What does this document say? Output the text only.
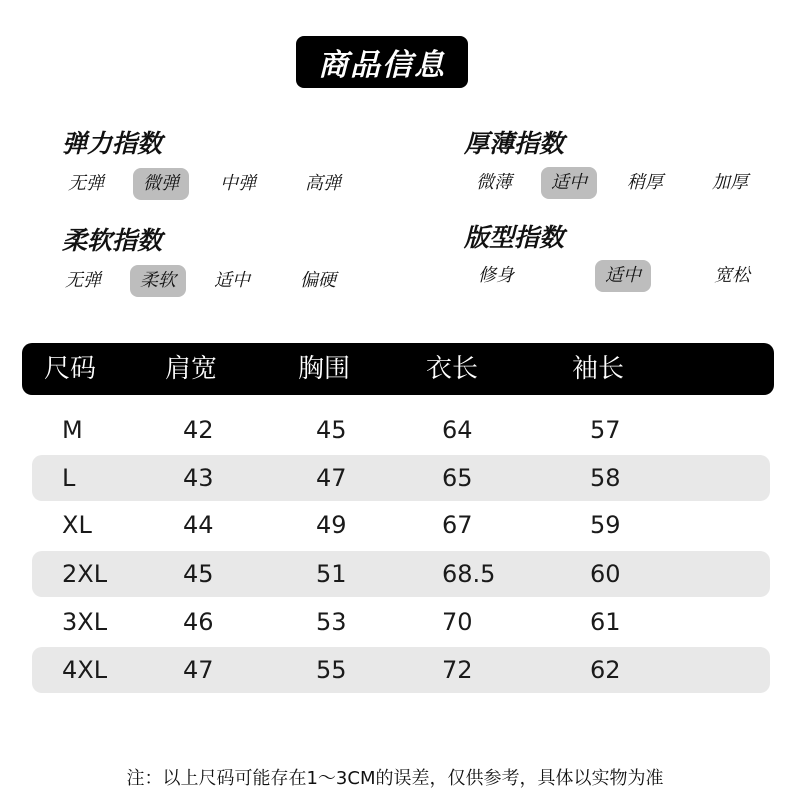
商品信息
弹力指数
无弹	微弹	中弹	高弹
厚薄指数
微薄	适中	稍厚	加厚
柔软指数
无弹	柔软	适中	偏硬
版型指数
修身	适中	宽松
尺码	肩宽	胸围	衣长	袖长
M	42	45	64	57
L	43	47	65	58
XL	44	49	67	59
2XL	45	51	68.5	60
3XL	46	53	70	61
4XL	47	55	72	62
注：以上尺码可能存在1～3CM的误差，仅供参考，具体以实物为准
